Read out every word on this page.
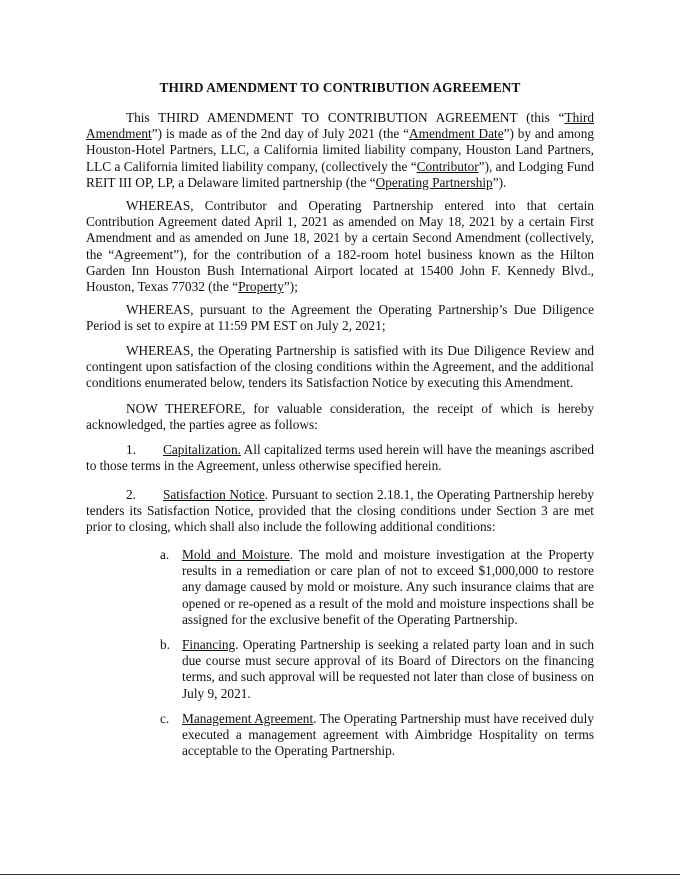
THIRD AMENDMENT TO CONTRIBUTION AGREEMENT

This THIRD AMENDMENT TO CONTRIBUTION AGREEMENT (this “Third Amendment”) is made as of the 2nd day of July 2021 (the “Amendment Date”) by and among Houston-Hotel Partners, LLC, a California limited liability company, Houston Land Partners, LLC a California limited liability company, (collectively the “Contributor”), and Lodging Fund REIT III OP, LP, a Delaware limited partnership (the “Operating Partnership”).

WHEREAS, Contributor and Operating Partnership entered into that certain Contribution Agreement dated April 1, 2021 as amended on May 18, 2021 by a certain First Amendment and as amended on June 18, 2021 by a certain Second Amendment (collectively, the “Agreement”), for the contribution of a 182-room hotel business known as the Hilton Garden Inn Houston Bush International Airport located at 15400 John F. Kennedy Blvd., Houston, Texas 77032 (the “Property”);

WHEREAS, pursuant to the Agreement the Operating Partnership’s Due Diligence Period is set to expire at 11:59 PM EST on July 2, 2021;

WHEREAS, the Operating Partnership is satisfied with its Due Diligence Review and contingent upon satisfaction of the closing conditions within the Agreement, and the additional conditions enumerated below, tenders its Satisfaction Notice by executing this Amendment.

NOW THEREFORE, for valuable consideration, the receipt of which is hereby acknowledged, the parties agree as follows:

1. Capitalization. All capitalized terms used herein will have the meanings ascribed to those terms in the Agreement, unless otherwise specified herein.

2. Satisfaction Notice. Pursuant to section 2.18.1, the Operating Partnership hereby tenders its Satisfaction Notice, provided that the closing conditions under Section 3 are met prior to closing, which shall also include the following additional conditions:

a. Mold and Moisture. The mold and moisture investigation at the Property results in a remediation or care plan of not to exceed $1,000,000 to restore any damage caused by mold or moisture. Any such insurance claims that are opened or re-opened as a result of the mold and moisture inspections shall be assigned for the exclusive benefit of the Operating Partnership.
b. Financing. Operating Partnership is seeking a related party loan and in such due course must secure approval of its Board of Directors on the financing terms, and such approval will be requested not later than close of business on July 9, 2021.
c. Management Agreement. The Operating Partnership must have received duly executed a management agreement with Aimbridge Hospitality on terms acceptable to the Operating Partnership.
